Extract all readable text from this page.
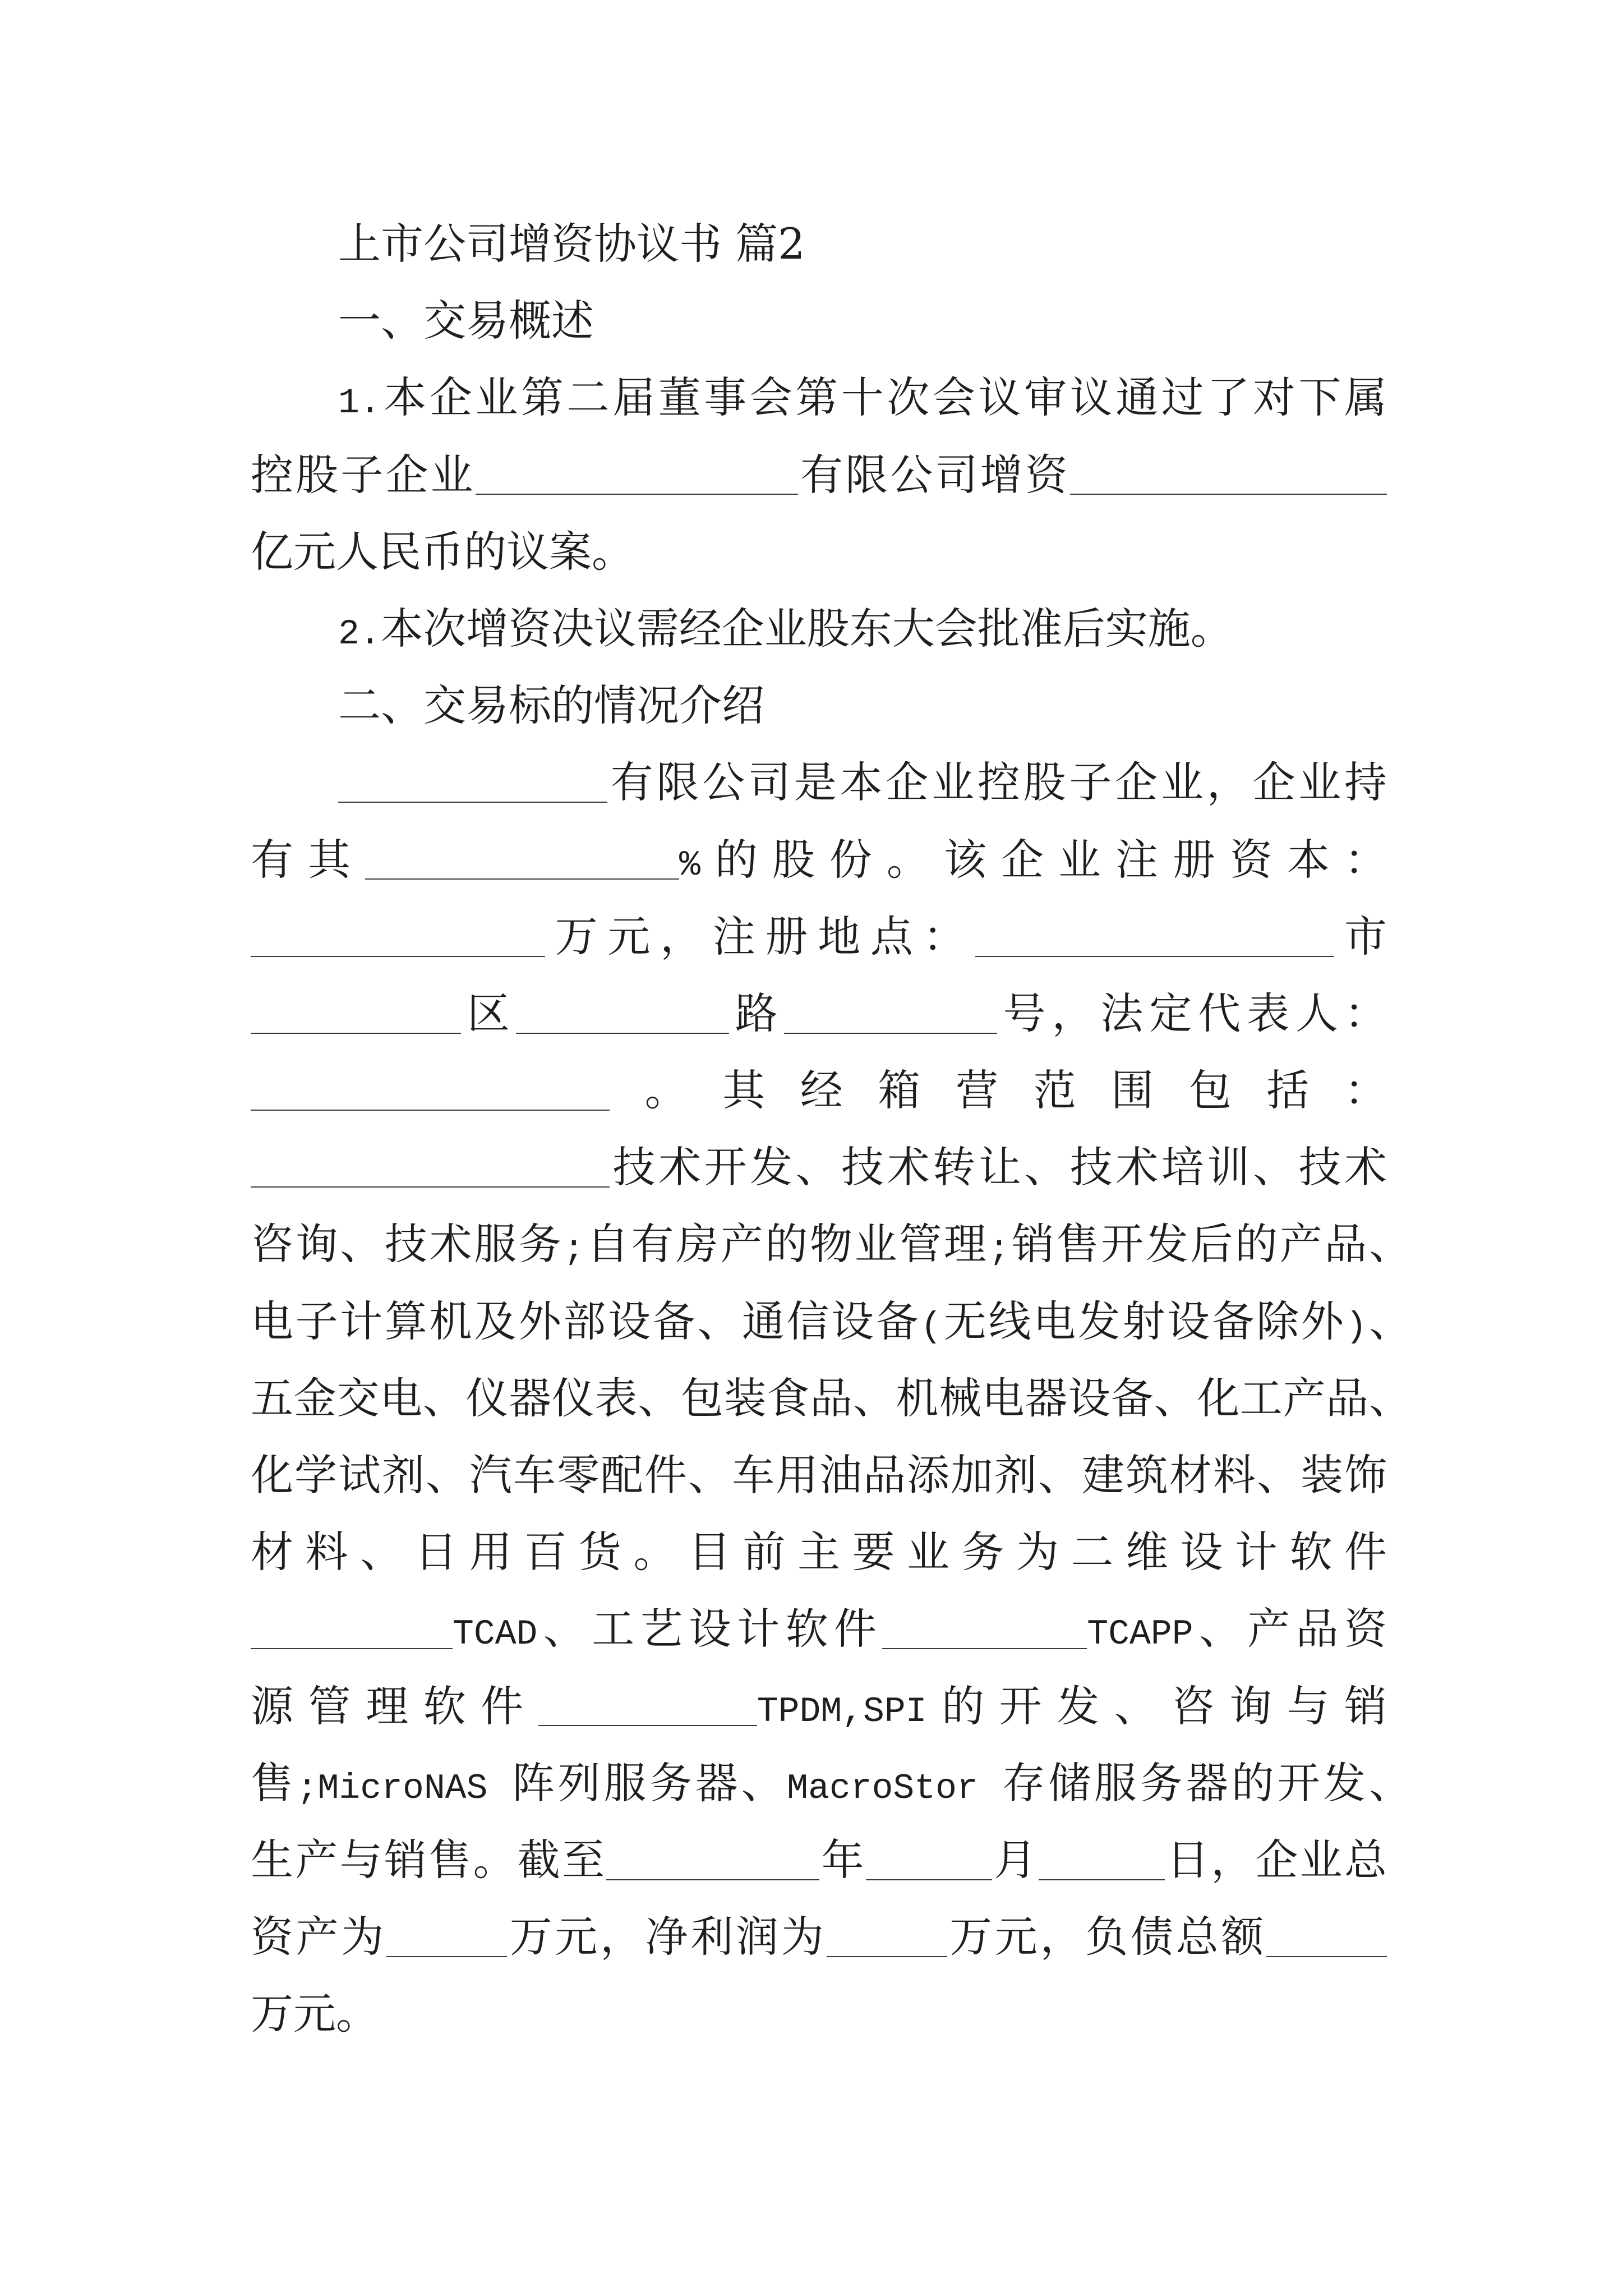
上市公司增资协议书 篇2
一、交易概述
1.本企业第二届董事会第十次会议审议通过了对下属
控股子企业	有限公司增资
亿元人民币的议案。
2.本次增资决议需经企业股东大会批准后实施。
二、交易标的情况介绍
有限公司是本企业控股子企业，企业持
有其	%的股份。该企业注册资本：
万元，注册地点：	市
区	路	号，法定代表人：
。其经箱营范围包括：
技术开发、技术转让、技术培训、技术
咨询、技术服务;自有房产的物业管理;销售开发后的产品、
电子计算机及外部设备、通信设备(无线电发射设备除外)、
五金交电、仪器仪表、包装食品、机械电器设备、化工产品、
化学试剂、汽车零配件、车用油品添加剂、建筑材料、装饰
材料、日用百货。目前主要业务为二维设计软件
TCAD、工艺设计软件	TCAPP、产品资
源管理软件	TPDM,SPI的开发、咨询与销
售;MicroNAS 阵列服务器、MacroStor 存储服务器的开发、
生产与销售。截至	年	月	日，企业总
资产为	万元，净利润为	万元，负债总额
万元。
